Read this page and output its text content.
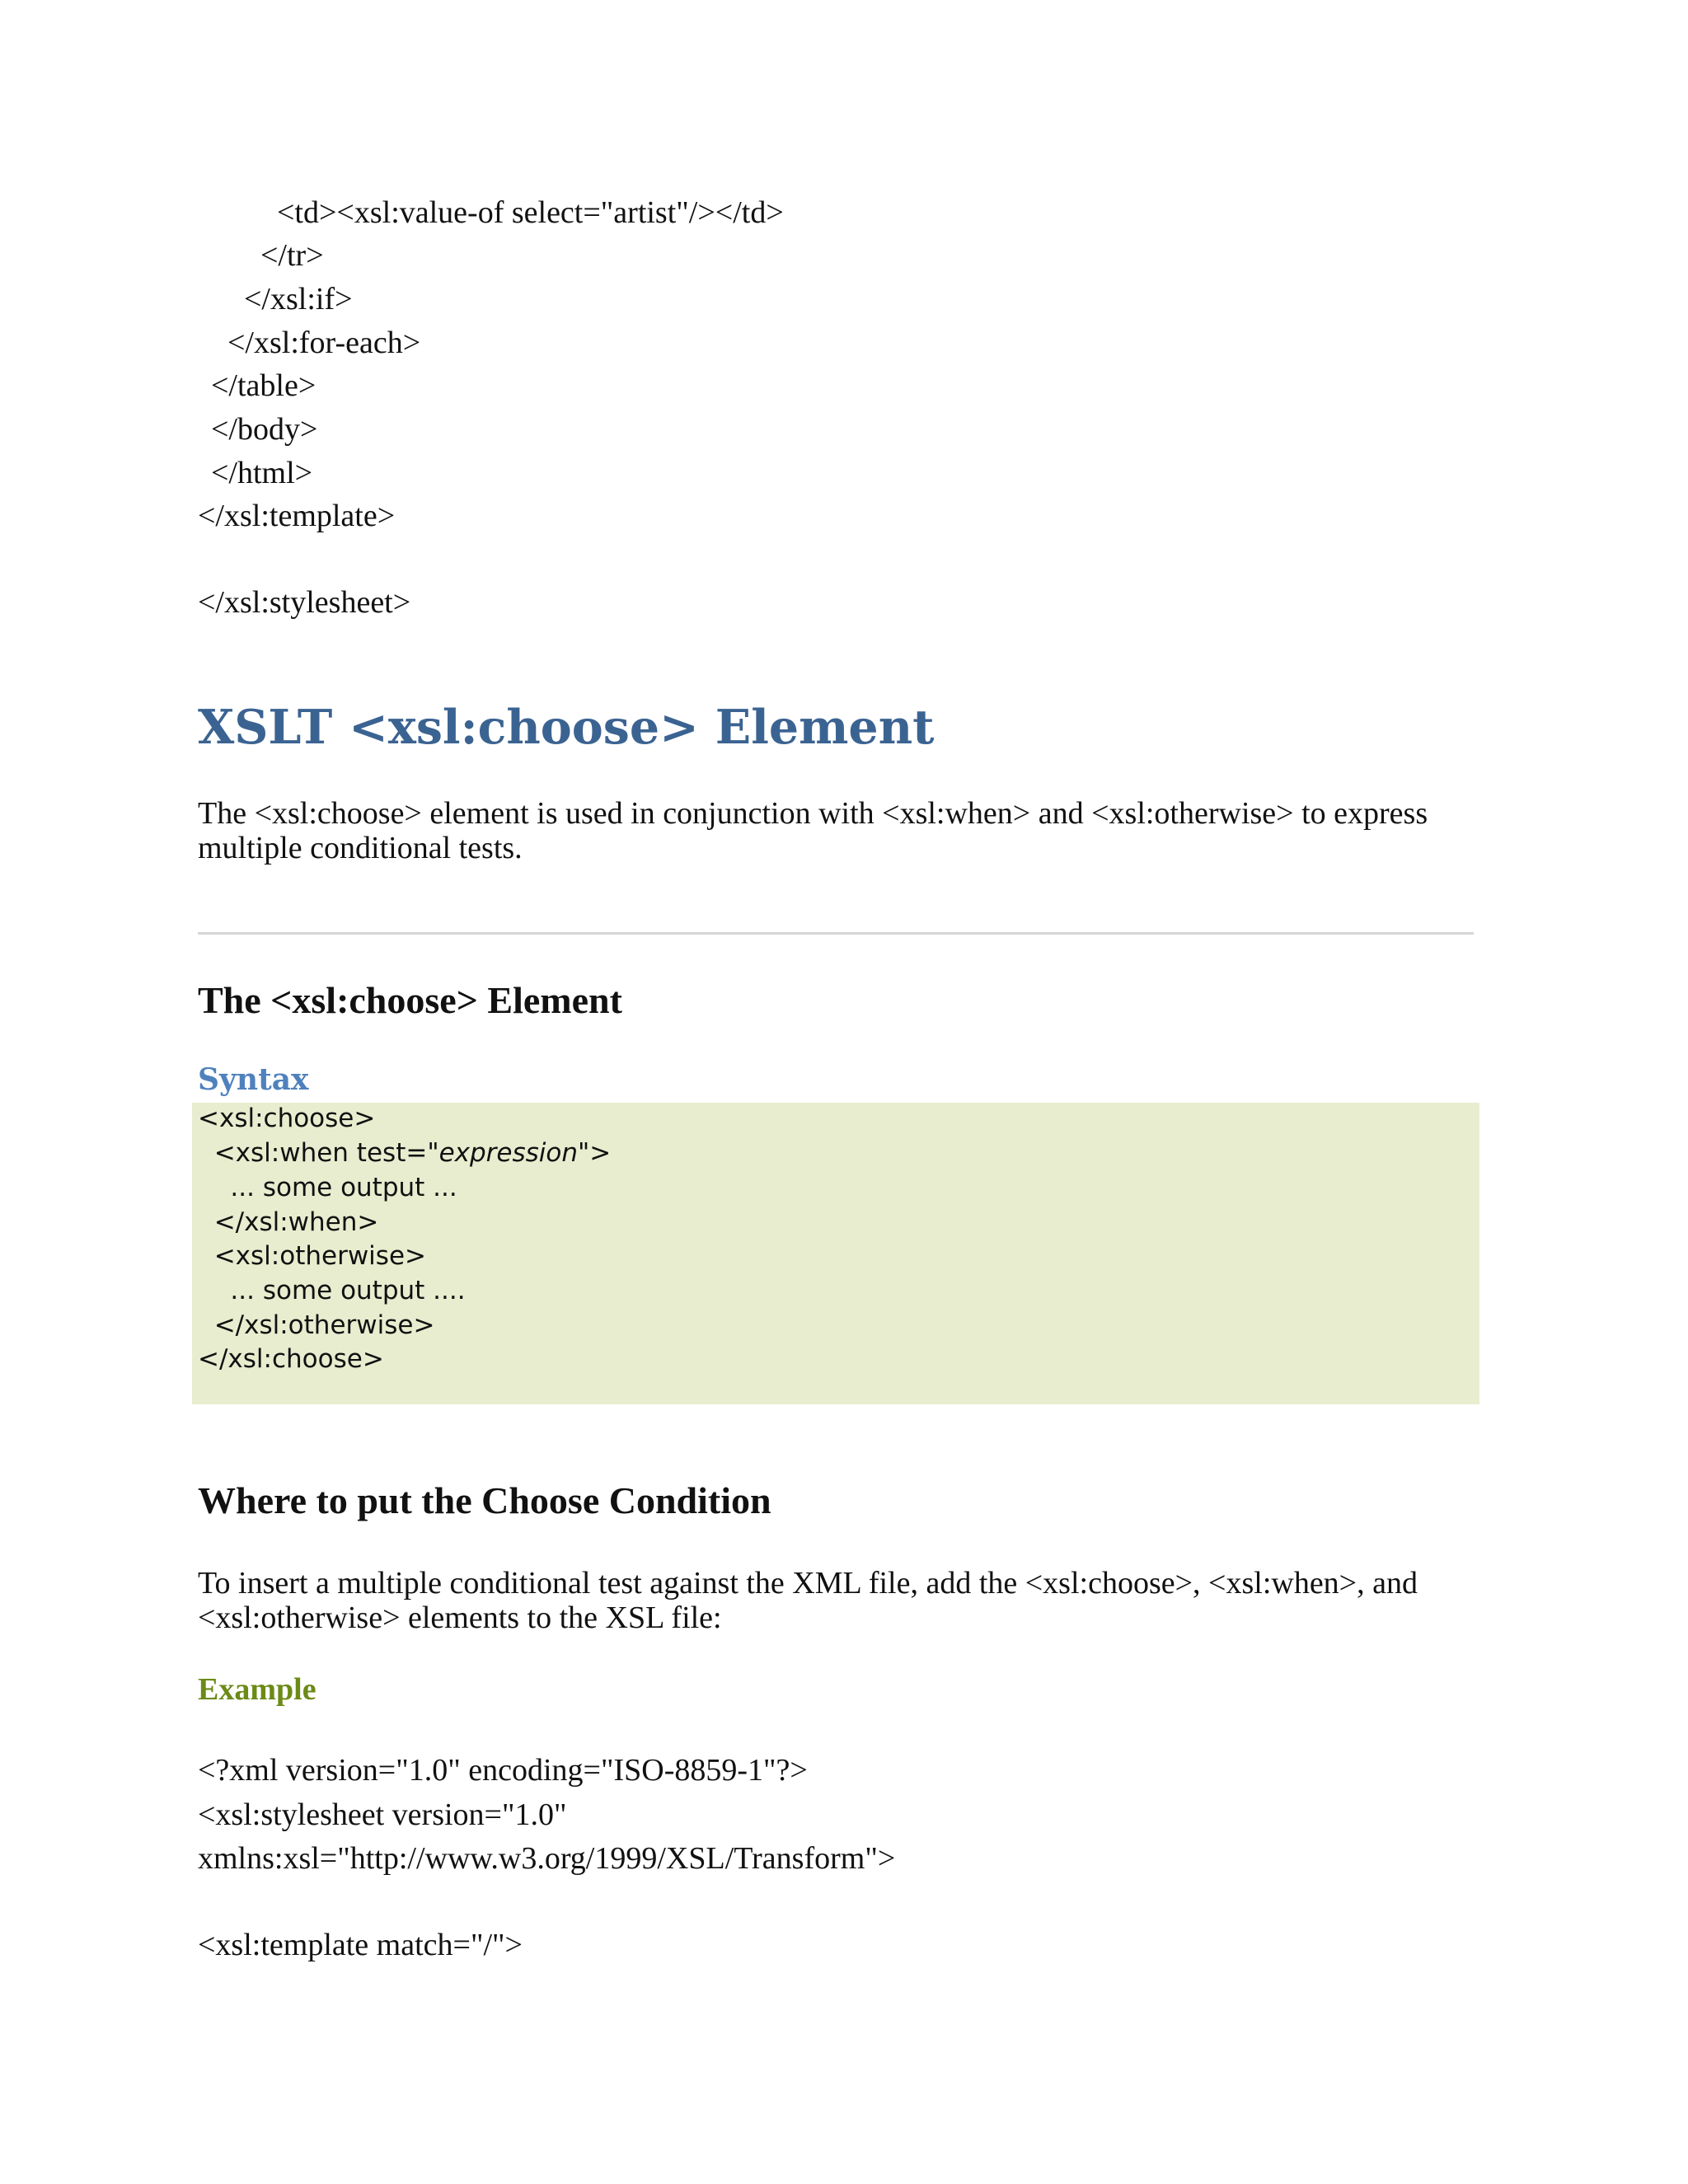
<td><xsl:value-of select="artist"/></td>
</tr>
</xsl:if>
</xsl:for-each>
</table>
</body>
</html>
</xsl:template>
</xsl:stylesheet>
XSLT <xsl:choose> Element
The <xsl:choose> element is used in conjunction with <xsl:when> and <xsl:otherwise> to express multiple conditional tests.
The <xsl:choose> Element
Syntax
<xsl:choose>
<xsl:when test="expression">
... some output ...
</xsl:when>
<xsl:otherwise>
... some output ....
</xsl:otherwise>
</xsl:choose>
Where to put the Choose Condition
To insert a multiple conditional test against the XML file, add the <xsl:choose>, <xsl:when>, and <xsl:otherwise> elements to the XSL file:
Example
<?xml version="1.0" encoding="ISO-8859-1"?>
<xsl:stylesheet version="1.0"
xmlns:xsl="http://www.w3.org/1999/XSL/Transform">
<xsl:template match="/">
